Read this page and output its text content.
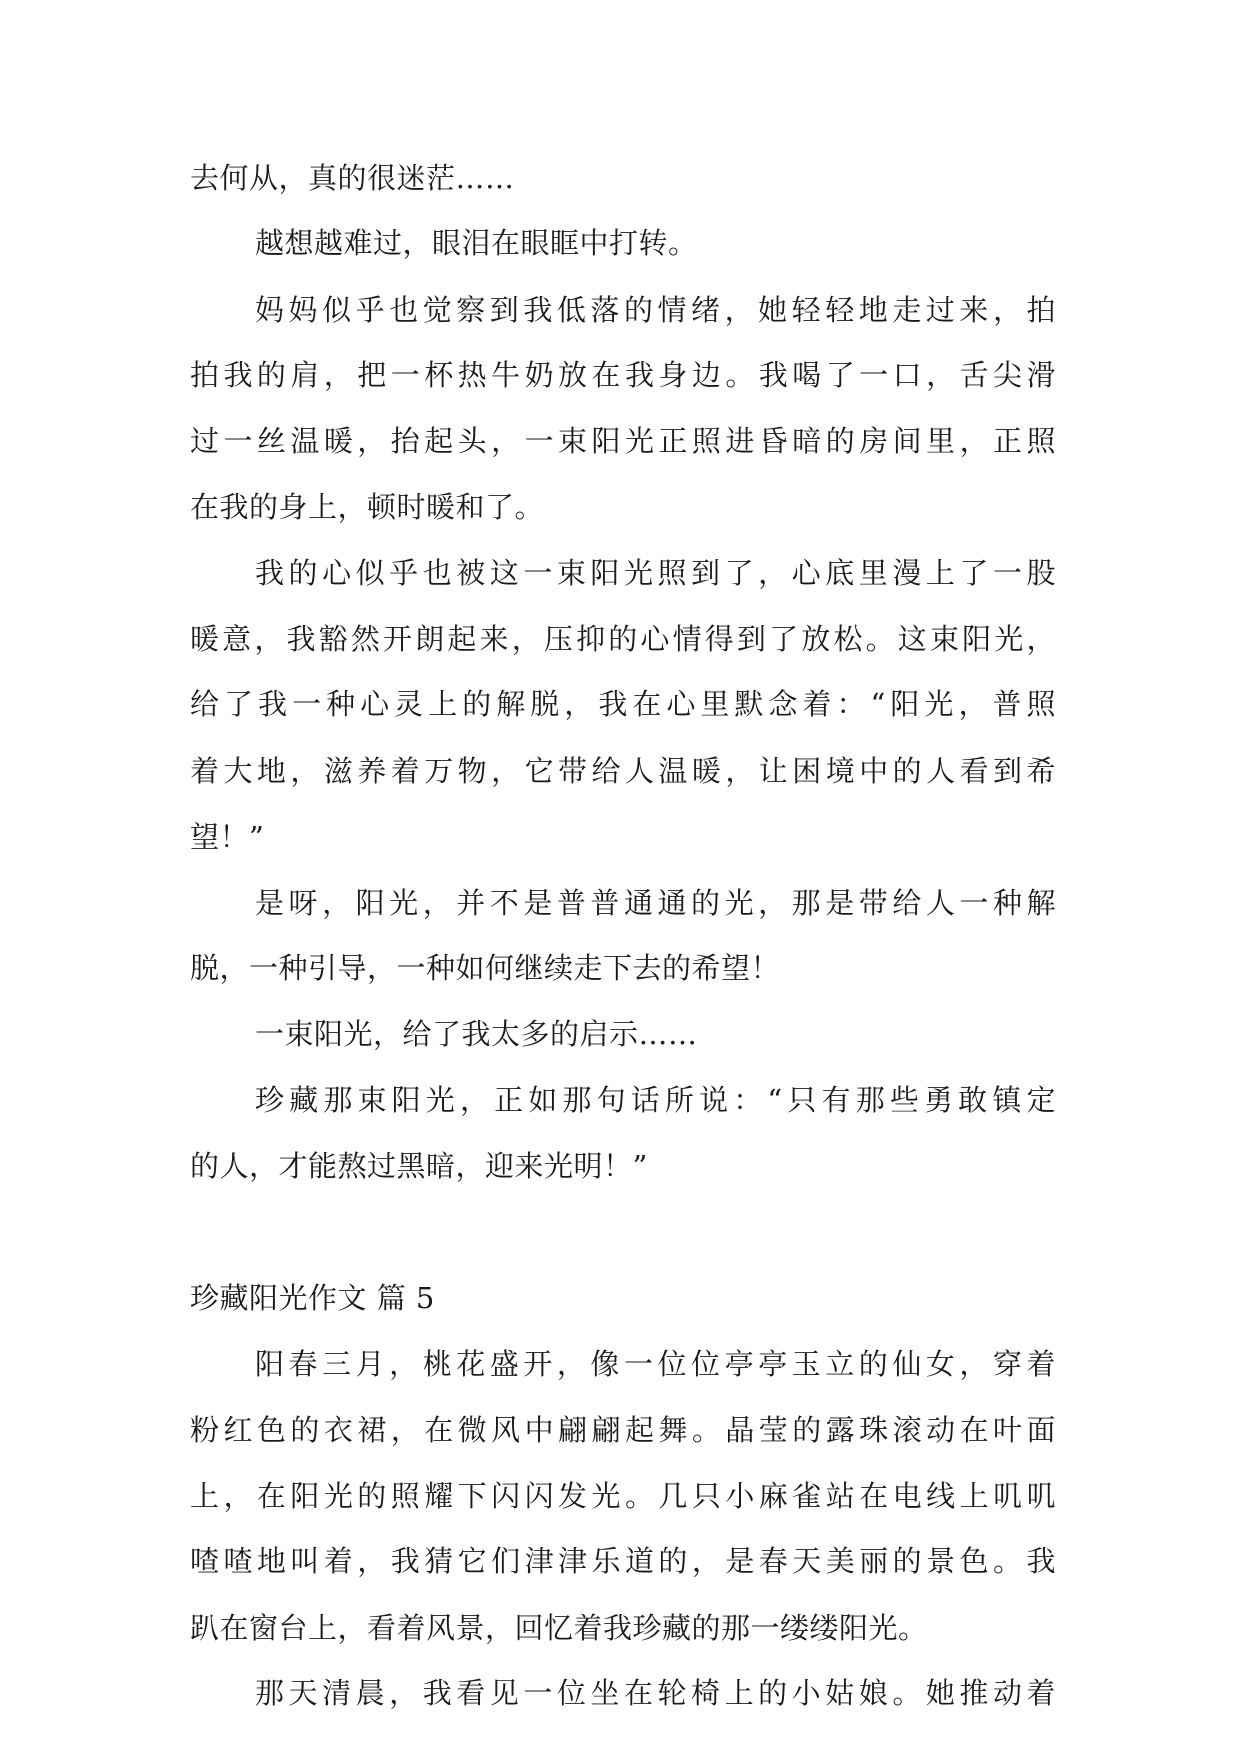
去何从，真的很迷茫……
越想越难过，眼泪在眼眶中打转。
妈妈似乎也觉察到我低落的情绪，她轻轻地走过来，拍
拍我的肩，把一杯热牛奶放在我身边。我喝了一口，舌尖滑
过一丝温暖，抬起头，一束阳光正照进昏暗的房间里，正照
在我的身上，顿时暖和了。
我的心似乎也被这一束阳光照到了，心底里漫上了一股
暖意，我豁然开朗起来，压抑的心情得到了放松。这束阳光，
给了我一种心灵上的解脱，我在心里默念着：“阳光，普照
着大地，滋养着万物，它带给人温暖，让困境中的人看到希
望！”
是呀，阳光，并不是普普通通的光，那是带给人一种解
脱，一种引导，一种如何继续走下去的希望！
一束阳光，给了我太多的启示……
珍藏那束阳光，正如那句话所说：“只有那些勇敢镇定
的人，才能熬过黑暗，迎来光明！”
珍藏阳光作文 篇 5
阳春三月，桃花盛开，像一位位亭亭玉立的仙女，穿着
粉红色的衣裙，在微风中翩翩起舞。晶莹的露珠滚动在叶面
上，在阳光的照耀下闪闪发光。几只小麻雀站在电线上叽叽
喳喳地叫着，我猜它们津津乐道的，是春天美丽的景色。我
趴在窗台上，看着风景，回忆着我珍藏的那一缕缕阳光。
那天清晨，我看见一位坐在轮椅上的小姑娘。她推动着
